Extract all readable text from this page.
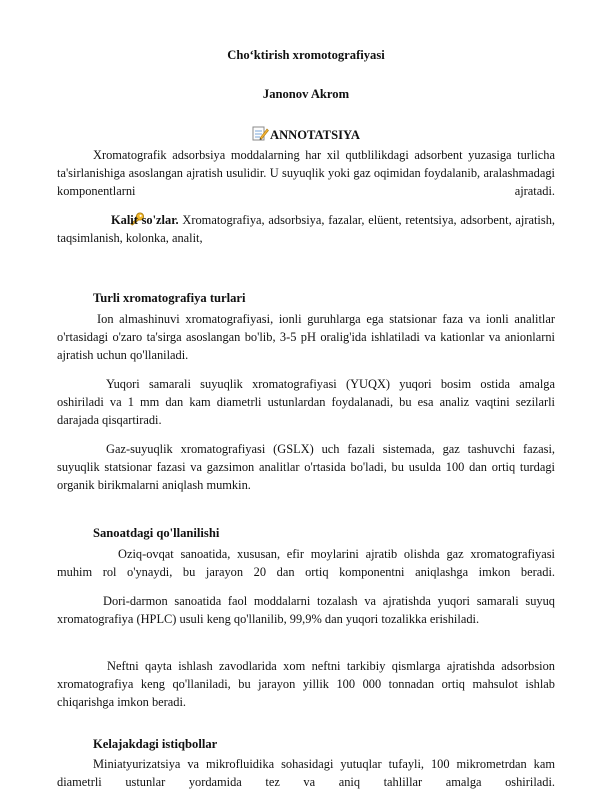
Cho‘ktirish xromotografiyasi
Janonov Akrom
ANNOTATSIYA
Xromatografik adsorbsiya moddalarning har xil qutblilikdagi adsorbent yuzasiga turlicha ta'sirlanishiga asoslangan ajratish usulidir. U suyuqlik yoki gaz oqimidan foydalanib, aralashmadagi komponentlarni ajratadi.
Kalit so'zlar. Xromatografiya, adsorbsiya, fazalar, elüent, retentsiya, adsorbent, ajratish, taqsimlanish, kolonka, analit,
Turli xromatografiya turlari
Ion almashinuvi xromatografiyasi, ionli guruhlarga ega statsionar faza va ionli analitlar o'rtasidagi o'zaro ta'sirga asoslangan bo'lib, 3-5 pH oralig'ida ishlatiladi va kationlar va anionlarni ajratish uchun qo'llaniladi.
Yuqori samarali suyuqlik xromatografiyasi (YUQX) yuqori bosim ostida amalga oshiriladi va 1 mm dan kam diametrli ustunlardan foydalanadi, bu esa analiz vaqtini sezilarli darajada qisqartiradi.
Gaz-suyuqlik xromatografiyasi (GSLX) uch fazali sistemada, gaz tashuvchi fazasi, suyuqlik statsionar fazasi va gazsimon analitlar o'rtasida bo'ladi, bu usulda 100 dan ortiq turdagi organik birikmalarni aniqlash mumkin.
Sanoatdagi qo'llanilishi
Oziq-ovqat sanoatida, xususan, efir moylarini ajratib olishda gaz xromatografiyasi muhim rol o'ynaydi, bu jarayon 20 dan ortiq komponentni aniqlashga imkon beradi.
Dori-darmon sanoatida faol moddalarni tozalash va ajratishda yuqori samarali suyuq xromatografiya (HPLC) usuli keng qo'llanilib, 99,9% dan yuqori tozalikka erishiladi.
Neftni qayta ishlash zavodlarida xom neftni tarkibiy qismlarga ajratishda adsorbsion xromatografiya keng qo'llaniladi, bu jarayon yillik 100 000 tonnadan ortiq mahsulot ishlab chiqarishga imkon beradi.
Kelajakdagi istiqbollar
Miniatyurizatsiya va mikrofluidika sohasidagi yutuqlar tufayli, 100 mikrometrdan kam diametrli ustunlar yordamida tez va aniq tahlillar amalga oshiriladi.
